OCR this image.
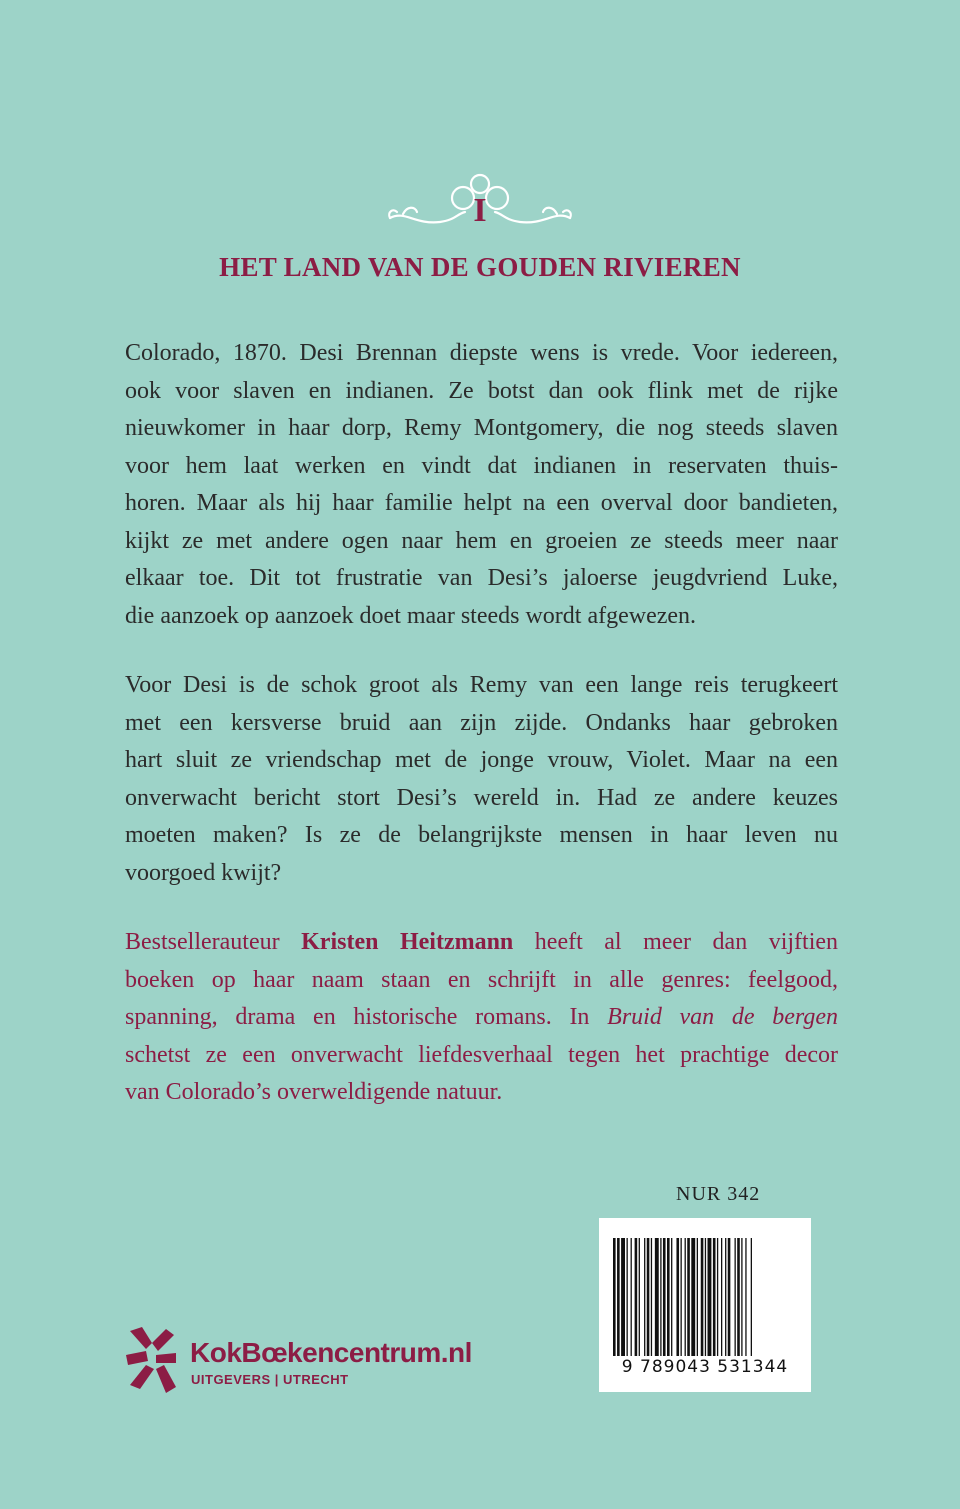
I
HET LAND VAN DE GOUDEN RIVIEREN
Colorado, 1870. Desi Brennan diepste wens is vrede. Voor iedereen,
ook voor slaven en indianen. Ze botst dan ook flink met de rijke
nieuwkomer in haar dorp, Remy Montgomery, die nog steeds slaven
voor hem laat werken en vindt dat indianen in reservaten thuis-
horen. Maar als hij haar familie helpt na een overval door bandieten,
kijkt ze met andere ogen naar hem en groeien ze steeds meer naar
elkaar toe. Dit tot frustratie van Desi’s jaloerse jeugdvriend Luke,
die aanzoek op aanzoek doet maar steeds wordt afgewezen.
Voor Desi is de schok groot als Remy van een lange reis terugkeert
met een kersverse bruid aan zijn zijde. Ondanks haar gebroken
hart sluit ze vriendschap met de jonge vrouw, Violet. Maar na een
onverwacht bericht stort Desi’s wereld in. Had ze andere keuzes
moeten maken? Is ze de belangrijkste mensen in haar leven nu
voorgoed kwijt?
Bestsellerauteur Kristen Heitzmann heeft al meer dan vijftien
boeken op haar naam staan en schrijft in alle genres: feelgood,
spanning, drama en historische romans. In Bruid van de bergen
schetst ze een onverwacht liefdesverhaal tegen het prachtige decor
van Colorado’s overweldigende natuur.
NUR 342
9 789043 531344
KokBœkencentrum.nl
UITGEVERS | UTRECHT
